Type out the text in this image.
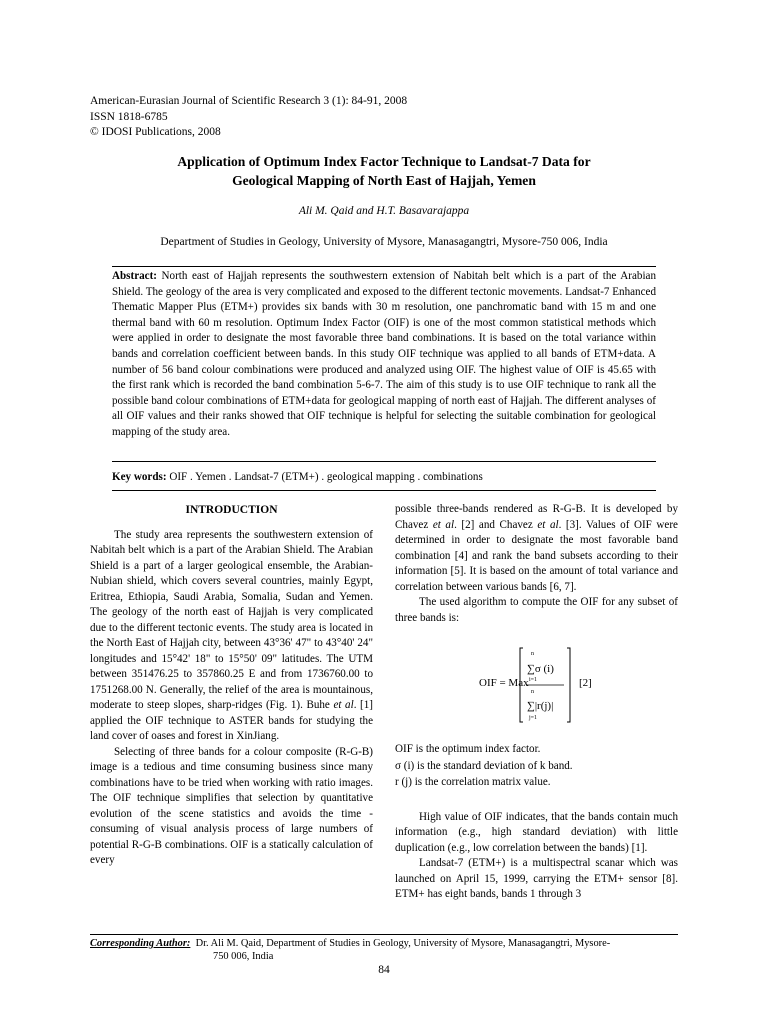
American-Eurasian Journal of Scientific Research 3 (1): 84-91, 2008
ISSN 1818-6785
© IDOSI Publications, 2008
Application of Optimum Index Factor Technique to Landsat-7 Data for
Geological Mapping of North East of Hajjah, Yemen
Ali M. Qaid and H.T. Basavarajappa
Department of Studies in Geology, University of Mysore, Manasagangtri, Mysore-750 006, India
Abstract: North east of Hajjah represents the southwestern extension of Nabitah belt which is a part of the Arabian Shield. The geology of the area is very complicated and exposed to the different tectonic movements. Landsat-7 Enhanced Thematic Mapper Plus (ETM+) provides six bands with 30 m resolution, one panchromatic band with 15 m and one thermal band with 60 m resolution. Optimum Index Factor (OIF) is one of the most common statistical methods which were applied in order to designate the most favorable three band combinations. It is based on the total variance within bands and correlation coefficient between bands. In this study OIF technique was applied to all bands of ETM+data. A number of 56 band colour combinations were produced and analyzed using OIF. The highest value of OIF is 45.65 with the first rank which is recorded the band combination 5-6-7. The aim of this study is to use OIF technique to rank all the possible band colour combinations of ETM+data for geological mapping of north east of Hajjah. The different analyses of all OIF values and their ranks showed that OIF technique is helpful for selecting the suitable combination for geological mapping of the study area.
Key words: OIF . Yemen . Landsat-7 (ETM+) . geological mapping . combinations

INTRODUCTION

The study area represents the southwestern extension of Nabitah belt which is a part of the Arabian Shield. The Arabian Shield is a part of a larger geological ensemble, the Arabian-Nubian shield, which covers several countries, mainly Egypt, Eritrea, Ethiopia, Saudi Arabia, Somalia, Sudan and Yemen. The geology of the north east of Hajjah is very complicated due to the different tectonic events. The study area is located in the North East of Hajjah city, between 43°36' 47" to 43°40' 24" longitudes and 15°42' 18" to 15°50' 09" latitudes. The UTM between 351476.25 to 357860.25 E and from 1736760.00 to 1751268.00 N. Generally, the relief of the area is mountainous, moderate to steep slopes, sharp-ridges (Fig. 1). Buhe et al. [1] applied the OIF technique to ASTER bands for studying the land cover of oases and forest in XinJiang.

Selecting of three bands for a colour composite (R-G-B) image is a tedious and time consuming business since many combinations have to be tried when working with ratio images. The OIF technique simplifies that selection by quantitative evolution of the scene statistics and avoids the time -consuming of visual analysis process of large numbers of potential R-G-B combinations. OIF is a statically calculation of every

possible three-bands rendered as R-G-B. It is developed by Chavez et al. [2] and Chavez et al. [3]. Values of OIF were determined in order to designate the most favorable band combination [4] and rank the band subsets according to their information [5]. It is based on the amount of total variance and correlation between various bands [6, 7].

The used algorithm to compute the OIF for any subset of three bands is:

OIF = Max
n
∑σ (i)
i=1
n
∑|r(j)|
j=1
[2]

OIF is the optimum index factor.

σ (i) is the standard deviation of k band.

r (j) is the correlation matrix value.

High value of OIF indicates, that the bands contain much information (e.g., high standard deviation) with little duplication (e.g., low correlation between the bands) [1].

Landsat-7 (ETM+) is a multispectral scanar which was launched on April 15, 1999, carrying the ETM+ sensor [8]. ETM+ has eight bands, bands 1 through 3

Corresponding Author: Dr. Ali M. Qaid, Department of Studies in Geology, University of Mysore, Manasagangtri, Mysore-
750 006, India
84
